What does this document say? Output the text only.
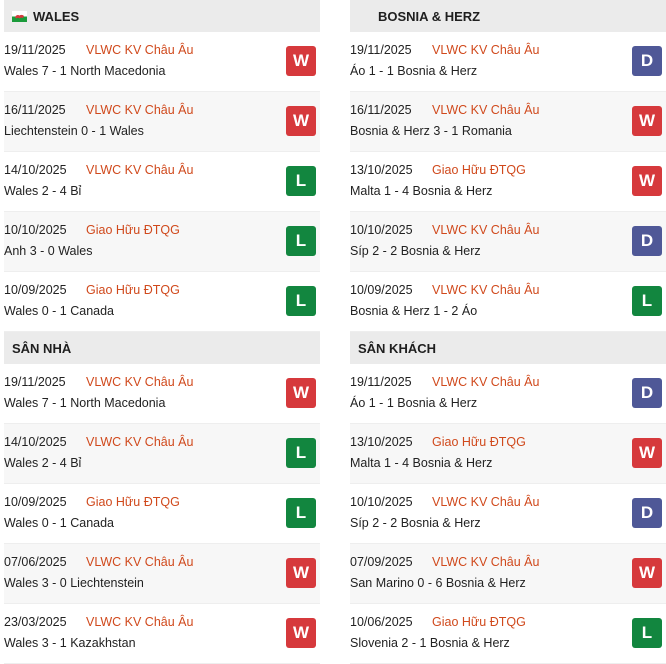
WALES
19/11/2025 VLWC KV Châu Âu
Wales 7 - 1 North Macedonia
W
16/11/2025 VLWC KV Châu Âu
Liechtenstein 0 - 1 Wales
W
14/10/2025 VLWC KV Châu Âu
Wales 2 - 4 Bỉ
L
10/10/2025 Giao Hữu ĐTQG
Anh 3 - 0 Wales
L
10/09/2025 Giao Hữu ĐTQG
Wales 0 - 1 Canada
L
SÂN NHÀ
19/11/2025 VLWC KV Châu Âu
Wales 7 - 1 North Macedonia
W
14/10/2025 VLWC KV Châu Âu
Wales 2 - 4 Bỉ
L
10/09/2025 Giao Hữu ĐTQG
Wales 0 - 1 Canada
L
07/06/2025 VLWC KV Châu Âu
Wales 3 - 0 Liechtenstein
W
23/03/2025 VLWC KV Châu Âu
Wales 3 - 1 Kazakhstan
W
BOSNIA & HERZ
19/11/2025 VLWC KV Châu Âu
Áo 1 - 1 Bosnia & Herz
D
16/11/2025 VLWC KV Châu Âu
Bosnia & Herz 3 - 1 Romania
W
13/10/2025 Giao Hữu ĐTQG
Malta 1 - 4 Bosnia & Herz
W
10/10/2025 VLWC KV Châu Âu
Síp 2 - 2 Bosnia & Herz
D
10/09/2025 VLWC KV Châu Âu
Bosnia & Herz 1 - 2 Áo
L
SÂN KHÁCH
19/11/2025 VLWC KV Châu Âu
Áo 1 - 1 Bosnia & Herz
D
13/10/2025 Giao Hữu ĐTQG
Malta 1 - 4 Bosnia & Herz
W
10/10/2025 VLWC KV Châu Âu
Síp 2 - 2 Bosnia & Herz
D
07/09/2025 VLWC KV Châu Âu
San Marino 0 - 6 Bosnia & Herz
W
10/06/2025 Giao Hữu ĐTQG
Slovenia 2 - 1 Bosnia & Herz
L
